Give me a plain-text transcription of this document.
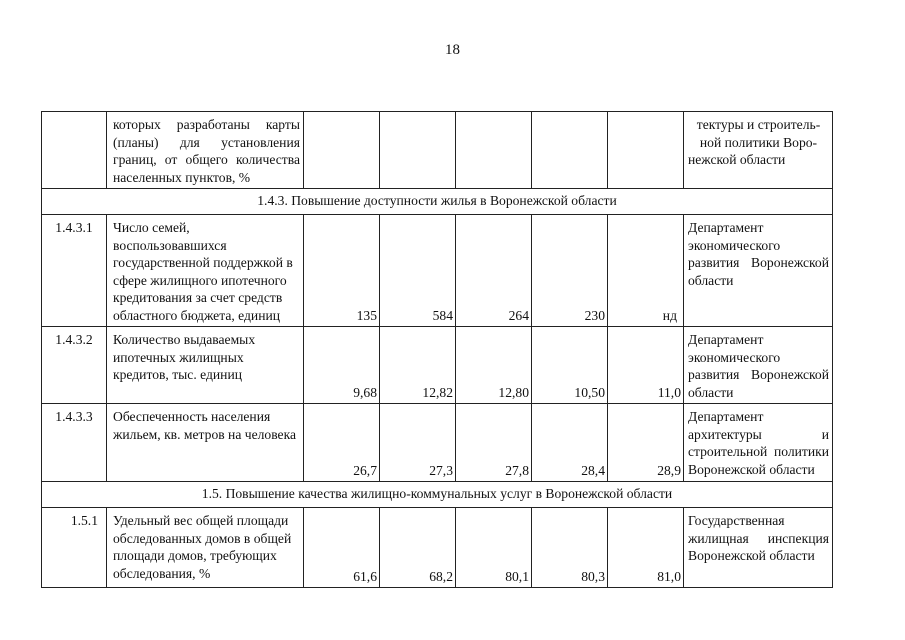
18
	которых разработаны карты (планы) для установления границ, от общего количества населенных пунктов, %						тектуры и строитель-
ной политики Воро-
нежской области

1.4.3. Повышение доступности жилья в Воронежской области							
1.4.3.1	Число семей, воспользовавшихся государственной поддержкой в сфере жилищного ипотечного кредитования за счет средств областного бюджета, единиц	135	584	264	230	нд	Департамент экономического развития Воронежской области
1.4.3.2	Количество выдаваемых ипотечных жилищных кредитов, тыс. единиц	9,68	12,82	12,80	10,50	11,0	Департамент экономического развития Воронежской области
1.4.3.3	Обеспеченность населения жильем, кв. метров на человека	26,7	27,3	27,8	28,4	28,9	Департамент архитектуры и строительной политики Воронежской области
1.5. Повышение качества жилищно-коммунальных услуг в Воронежской области							
1.5.1	Удельный вес общей площади обследованных домов в общей площади домов, требующих обследования, %	61,6	68,2	80,1	80,3	81,0	Государственная жилищная инспекция Воронежской области
